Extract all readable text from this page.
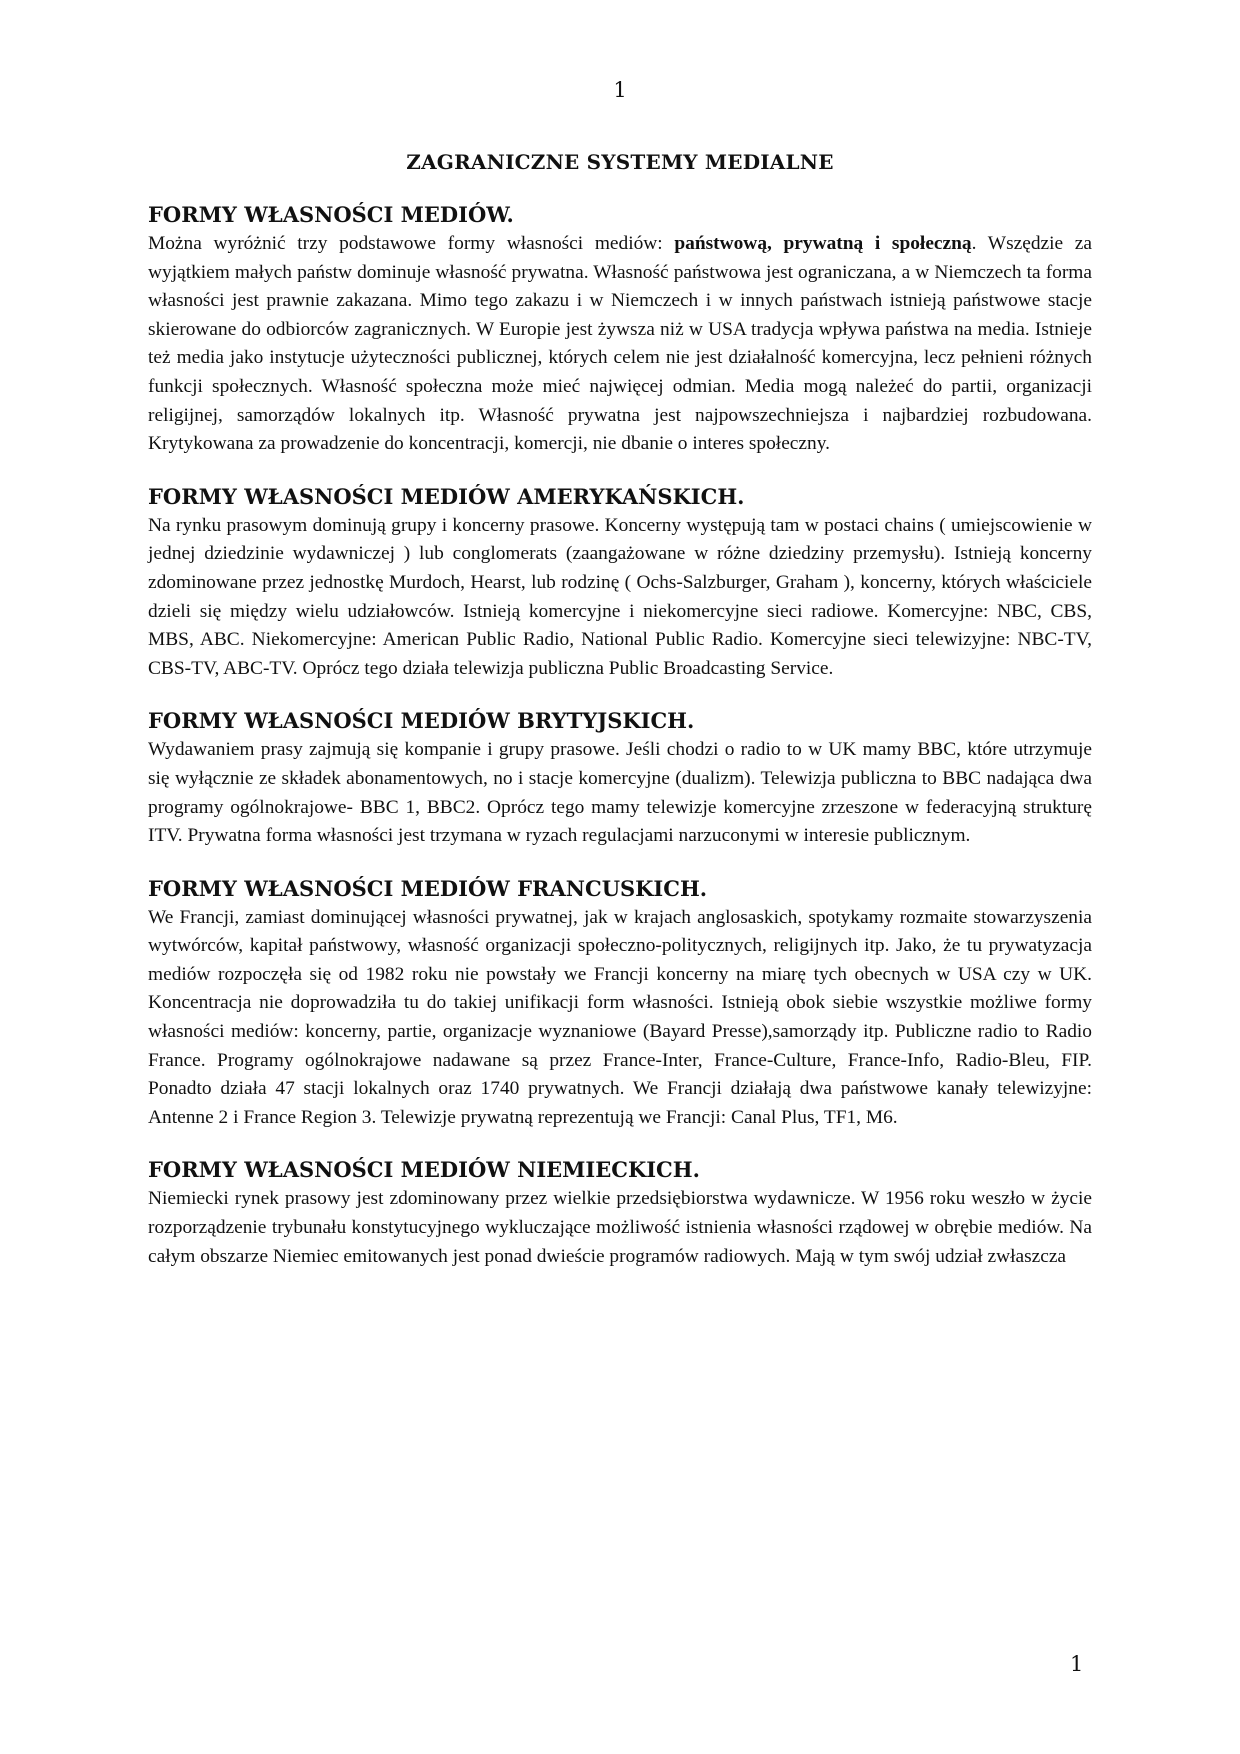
1
ZAGRANICZNE SYSTEMY MEDIALNE
FORMY WŁASNOŚCI MEDIÓW.

Można wyróżnić trzy podstawowe formy własności mediów: państwową, prywatną i społeczną. Wszędzie za wyjątkiem małych państw dominuje własność prywatna. Własność państwowa jest ograniczana, a w Niemczech ta forma własności jest prawnie zakazana. Mimo tego zakazu i w Niemczech i w innych państwach istnieją państwowe stacje skierowane do odbiorców zagranicznych. W Europie jest żywsza niż w USA tradycja wpływa państwa na media. Istnieje też media jako instytucje użyteczności publicznej, których celem nie jest działalność komercyjna, lecz pełnieni różnych funkcji społecznych. Własność społeczna może mieć najwięcej odmian. Media mogą należeć do partii, organizacji religijnej, samorządów lokalnych itp. Własność prywatna jest najpowszechniejsza i najbardziej rozbudowana. Krytykowana za prowadzenie do koncentracji, komercji, nie dbanie o interes społeczny.

FORMY WŁASNOŚCI MEDIÓW AMERYKAŃSKICH.

Na rynku prasowym dominują grupy i koncerny prasowe. Koncerny występują tam w postaci chains ( umiejscowienie w jednej dziedzinie wydawniczej ) lub conglomerats (zaangażowane w różne dziedziny przemysłu). Istnieją koncerny zdominowane przez jednostkę Murdoch, Hearst, lub rodzinę ( Ochs-Salzburger, Graham ), koncerny, których właściciele dzieli się między wielu udziałowców. Istnieją komercyjne i niekomercyjne sieci radiowe. Komercyjne: NBC, CBS, MBS, ABC. Niekomercyjne: American Public Radio, National Public Radio. Komercyjne sieci telewizyjne: NBC-TV, CBS-TV, ABC-TV. Oprócz tego działa telewizja publiczna Public Broadcasting Service.

FORMY WŁASNOŚCI MEDIÓW BRYTYJSKICH.

Wydawaniem prasy zajmują się kompanie i grupy prasowe. Jeśli chodzi o radio to w UK mamy BBC, które utrzymuje się wyłącznie ze składek abonamentowych, no i stacje komercyjne (dualizm). Telewizja publiczna to BBC nadająca dwa programy ogólnokrajowe- BBC 1, BBC2. Oprócz tego mamy telewizje komercyjne zrzeszone w federacyjną strukturę ITV. Prywatna forma własności jest trzymana w ryzach regulacjami narzuconymi w interesie publicznym.

FORMY WŁASNOŚCI MEDIÓW FRANCUSKICH.

We Francji, zamiast dominującej własności prywatnej, jak w krajach anglosaskich, spotykamy rozmaite stowarzyszenia wytwórców, kapitał państwowy, własność organizacji społeczno-politycznych, religijnych itp. Jako, że tu prywatyzacja mediów rozpoczęła się od 1982 roku nie powstały we Francji koncerny na miarę tych obecnych w USA czy w UK. Koncentracja nie doprowadziła tu do takiej unifikacji form własności. Istnieją obok siebie wszystkie możliwe formy własności mediów: koncerny, partie, organizacje wyznaniowe (Bayard Presse),samorządy itp. Publiczne radio to Radio France. Programy ogólnokrajowe nadawane są przez France-Inter, France-Culture, France-Info, Radio-Bleu, FIP. Ponadto działa 47 stacji lokalnych oraz 1740 prywatnych. We Francji działają dwa państwowe kanały telewizyjne: Antenne 2 i France Region 3. Telewizje prywatną reprezentują we Francji: Canal Plus, TF1, M6.

FORMY WŁASNOŚCI MEDIÓW NIEMIECKICH.

Niemiecki rynek prasowy jest zdominowany przez wielkie przedsiębiorstwa wydawnicze. W 1956 roku weszło w życie rozporządzenie trybunału konstytucyjnego wykluczające możliwość istnienia własności rządowej w obrębie mediów. Na całym obszarze Niemiec emitowanych jest ponad dwieście programów radiowych. Mają w tym swój udział zwłaszcza

1
